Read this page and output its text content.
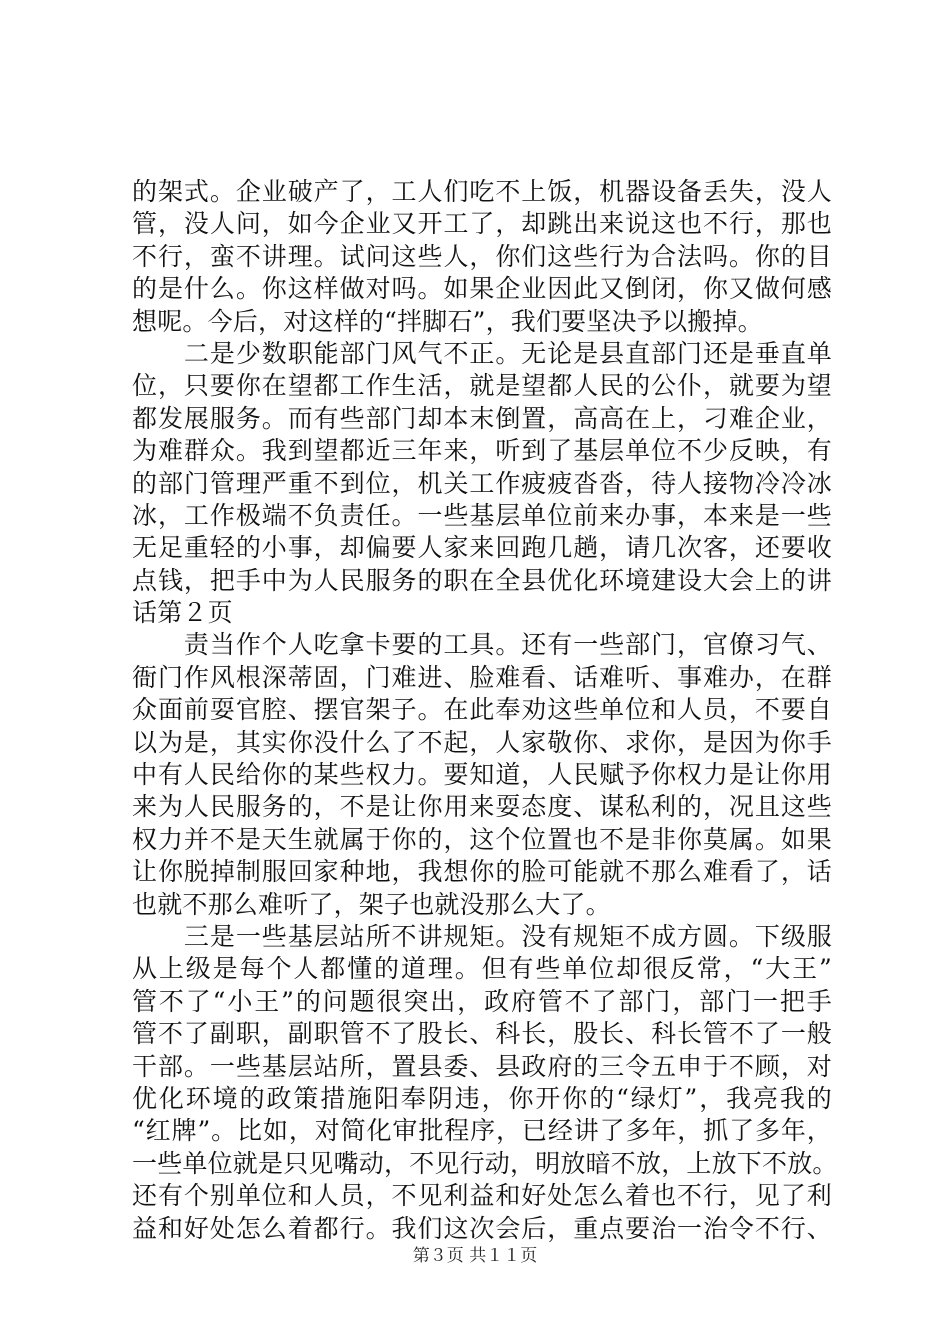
的架式。企业破产了，工人们吃不上饭，机器设备丢失，没人
管，没人问，如今企业又开工了，却跳出来说这也不行，那也
不行，蛮不讲理。试问这些人，你们这些行为合法吗。你的目
的是什么。你这样做对吗。如果企业因此又倒闭，你又做何感
想呢。今后，对这样的“拌脚石”，我们要坚决予以搬掉。
　　二是少数职能部门风气不正。无论是县直部门还是垂直单
位，只要你在望都工作生活，就是望都人民的公仆，就要为望
都发展服务。而有些部门却本末倒置，高高在上，刁难企业，
为难群众。我到望都近三年来，听到了基层单位不少反映，有
的部门管理严重不到位，机关工作疲疲沓沓，待人接物冷冷冰
冰，工作极端不负责任。一些基层单位前来办事，本来是一些
无足重轻的小事，却偏要人家来回跑几趟，请几次客，还要收
点钱，把手中为人民服务的职在全县优化环境建设大会上的讲
话第２页
　　责当作个人吃拿卡要的工具。还有一些部门，官僚习气、
衙门作风根深蒂固，门难进、脸难看、话难听、事难办，在群
众面前耍官腔、摆官架子。在此奉劝这些单位和人员，不要自
以为是，其实你没什么了不起，人家敬你、求你，是因为你手
中有人民给你的某些权力。要知道，人民赋予你权力是让你用
来为人民服务的，不是让你用来耍态度、谋私利的，况且这些
权力并不是天生就属于你的，这个位置也不是非你莫属。如果
让你脱掉制服回家种地，我想你的脸可能就不那么难看了，话
也就不那么难听了，架子也就没那么大了。
　　三是一些基层站所不讲规矩。没有规矩不成方圆。下级服
从上级是每个人都懂的道理。但有些单位却很反常，“大王”
管不了“小王”的问题很突出，政府管不了部门，部门一把手
管不了副职，副职管不了股长、科长，股长、科长管不了一般
干部。一些基层站所，置县委、县政府的三令五申于不顾，对
优化环境的政策措施阳奉阴违，你开你的“绿灯”，我亮我的
“红牌”。比如，对简化审批程序，已经讲了多年，抓了多年，
一些单位就是只见嘴动，不见行动，明放暗不放，上放下不放。
还有个别单位和人员，不见利益和好处怎么着也不行，见了利
益和好处怎么着都行。我们这次会后，重点要治一治令不行、
第３页 共１１页
